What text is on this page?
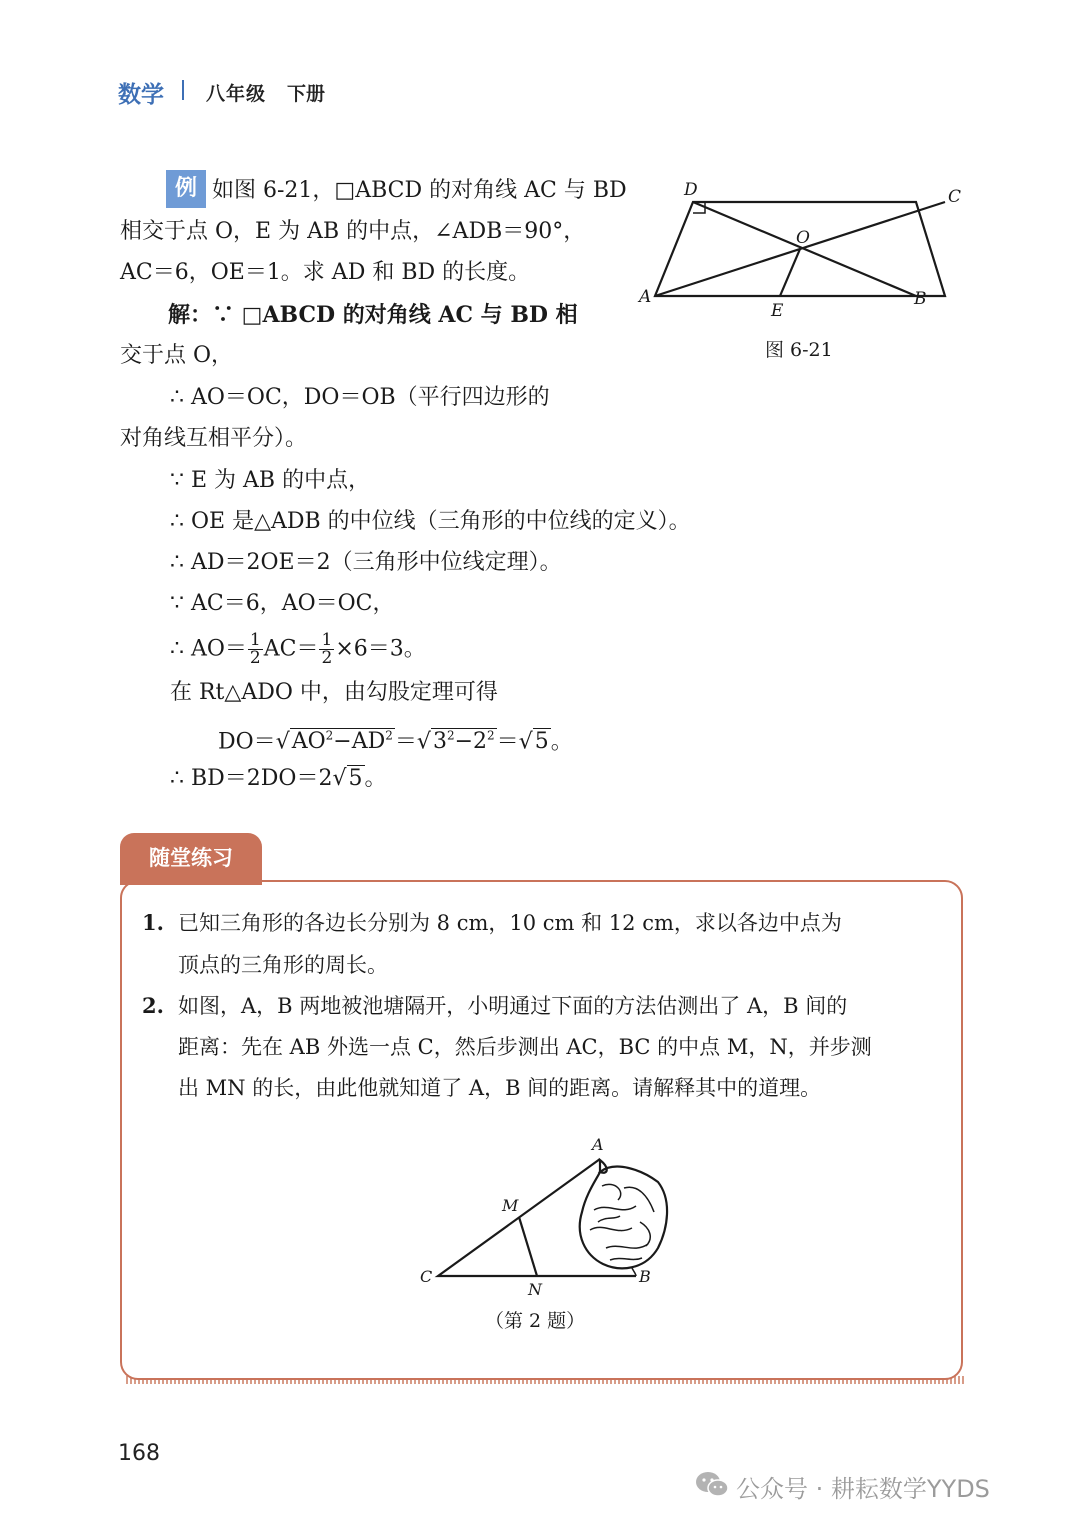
数学 八年级 下册
例 如图 6-21，□ABCD 的对角线 AC 与 BD
相交于点 O，E 为 AB 的中点，∠ADB＝90°，
AC＝6，OE＝1。求 AD 和 BD 的长度。
解：∵ □ABCD 的对角线 AC 与 BD 相
交于点 O，
∴ AO＝OC，DO＝OB（平行四边形的
对角线互相平分）。
∵ E 为 AB 的中点，
∴ OE 是△ADB 的中位线（三角形的中位线的定义）。
∴ AD＝2OE＝2（三角形中位线定理）。
∵ AC＝6，AO＝OC，
∴ $AO= \frac{1}{2} AC= \frac{1}{2} \times 6=3$。
在 Rt△ADO 中，由勾股定理可得
$DO=√AO^2-AD^2=√3^2-2^2=√5$。
∴ BD＝2DO＝2√5。
A	B
C
D
E
O
图 6-21
随堂练习
1. 已知三角形的各边长分别为 8 cm，10 cm 和 12 cm，求以各边中点为
顶点的三角形的周长。
2. 如图，A，B 两地被池塘隔开，小明通过下面的方法估测出了 A，B 间的
距离：先在 AB 外选一点 C，然后步测出 AC，BC 的中点 M，N，并步测
出 MN 的长，由此他就知道了 A，B 间的距离。请解释其中的道理。
A
B
C
M
N
（第 2 题）
168
公众号 · 耕耘数学YYDS
